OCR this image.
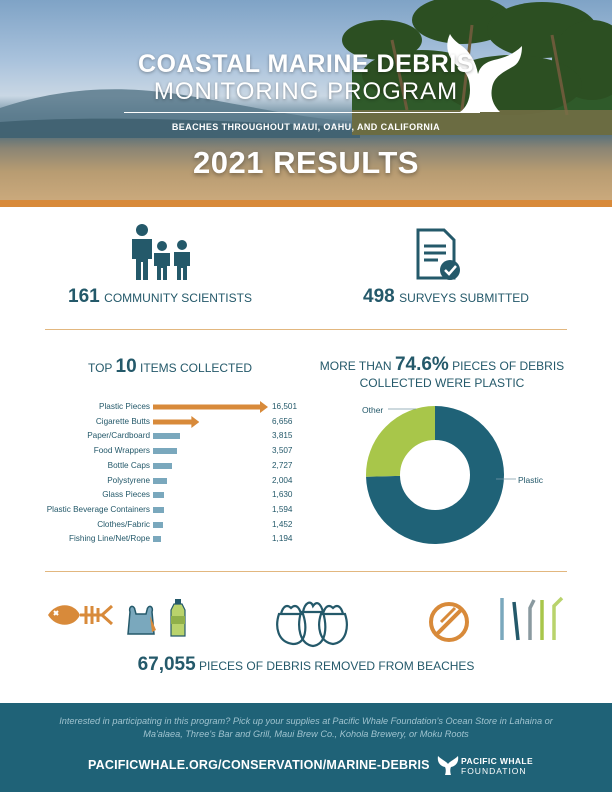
COASTAL MARINE DEBRIS
MONITORING PROGRAM
BEACHES THROUGHOUT MAUI, OAHU, AND CALIFORNIA
2021 RESULTS
161 COMMUNITY SCIENTISTS	498 SURVEYS SUBMITTED
TOP 10 ITEMS COLLECTED
Plastic Pieces	16,501
Cigarette Butts	6,656
Paper/Cardboard	3,815
Food Wrappers	3,507
Bottle Caps	2,727
Polystyrene	2,004
Glass Pieces	1,630
Plastic Beverage Containers	1,594
Clothes/Fabric	1,452
Fishing Line/Net/Rope	1,194
MORE THAN 74.6% PIECES OF DEBRIS
COLLECTED WERE PLASTIC
Other
Plastic
67,055 PIECES OF DEBRIS REMOVED FROM BEACHES
Interested in participating in this program? Pick up your supplies at Pacific Whale Foundation's Ocean Store in Lahaina or Ma'alaea, Three's Bar and Grill, Maui Brew Co., Kohola Brewery, or Moku Roots
PACIFICWHALE.ORG/CONSERVATION/MARINE-DEBRIS	PACIFIC WHALE
FOUNDATION
